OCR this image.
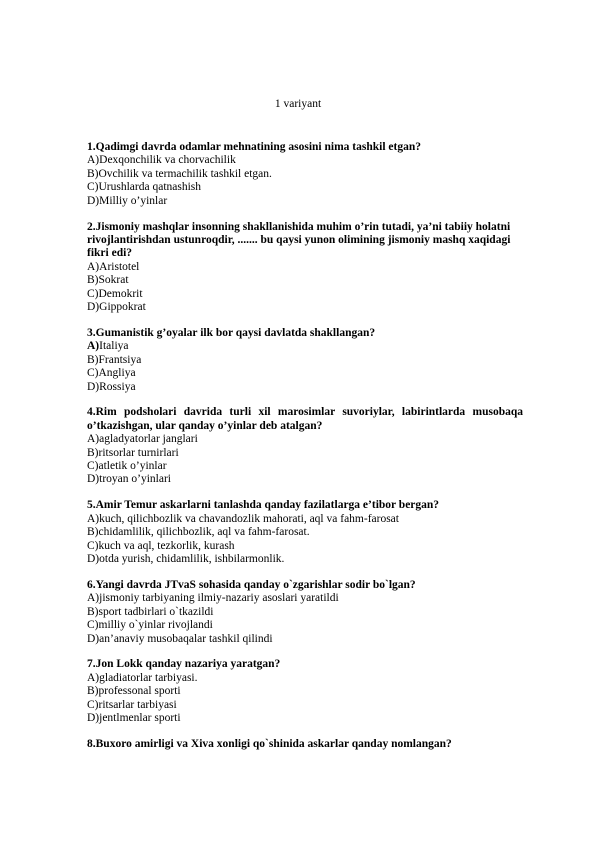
1 variyant

1.Qadimgi davrda odamlar mehnatining asosini nima tashkil etgan?

A)Dexqonchilik va chorvachilik

B)Ovchilik va termachilik tashkil etgan.

C)Urushlarda qatnashish

D)Milliy o’yinlar

2.Jismoniy mashqlar insonning shakllanishida muhim o’rin tutadi, ya’ni tabiiy holatni

rivojlantirishdan ustunroqdir, ....... bu qaysi yunon olimining jismoniy mashq xaqidagi

fikri edi?

A)Aristotel

B)Sokrat

C)Demokrit

D)Gippokrat

3.Gumanistik g’oyalar ilk bor qaysi davlatda shakllangan?

A)Italiya

B)Frantsiya

C)Angliya

D)Rossiya

4.Rim podsholari davrida turli xil marosimlar suvoriylar, labirintlarda musobaqa
o’tkazishgan, ular qanday o’yinlar deb atalgan?

A)agladyatorlar janglari

B)ritsorlar turnirlari

C)atletik o’yinlar

D)troyan o’yinlari

5.Amir Temur askarlarni tanlashda qanday fazilatlarga e’tibor bergan?

A)kuch, qilichbozlik va chavandozlik mahorati, aql va fahm-farosat

B)chidamlilik, qilichbozlik, aql va fahm-farosat.

C)kuch va aql, tezkorlik, kurash

D)otda yurish, chidamlilik, ishbilarmonlik.

6.Yangi davrda JTvaS sohasida qanday o`zgarishlar sodir bo`lgan?

A)jismoniy tarbiyaning ilmiy-nazariy asoslari yaratildi

B)sport tadbirlari o`tkazildi

C)milliy o`yinlar rivojlandi

D)an’anaviy musobaqalar tashkil qilindi

7.Jon Lokk qanday nazariya yaratgan?

A)gladiatorlar tarbiyasi.

B)professonal sporti

C)ritsarlar tarbiyasi

D)jentlmenlar sporti

8.Buxoro amirligi va Xiva xonligi qo`shinida askarlar qanday nomlangan?
